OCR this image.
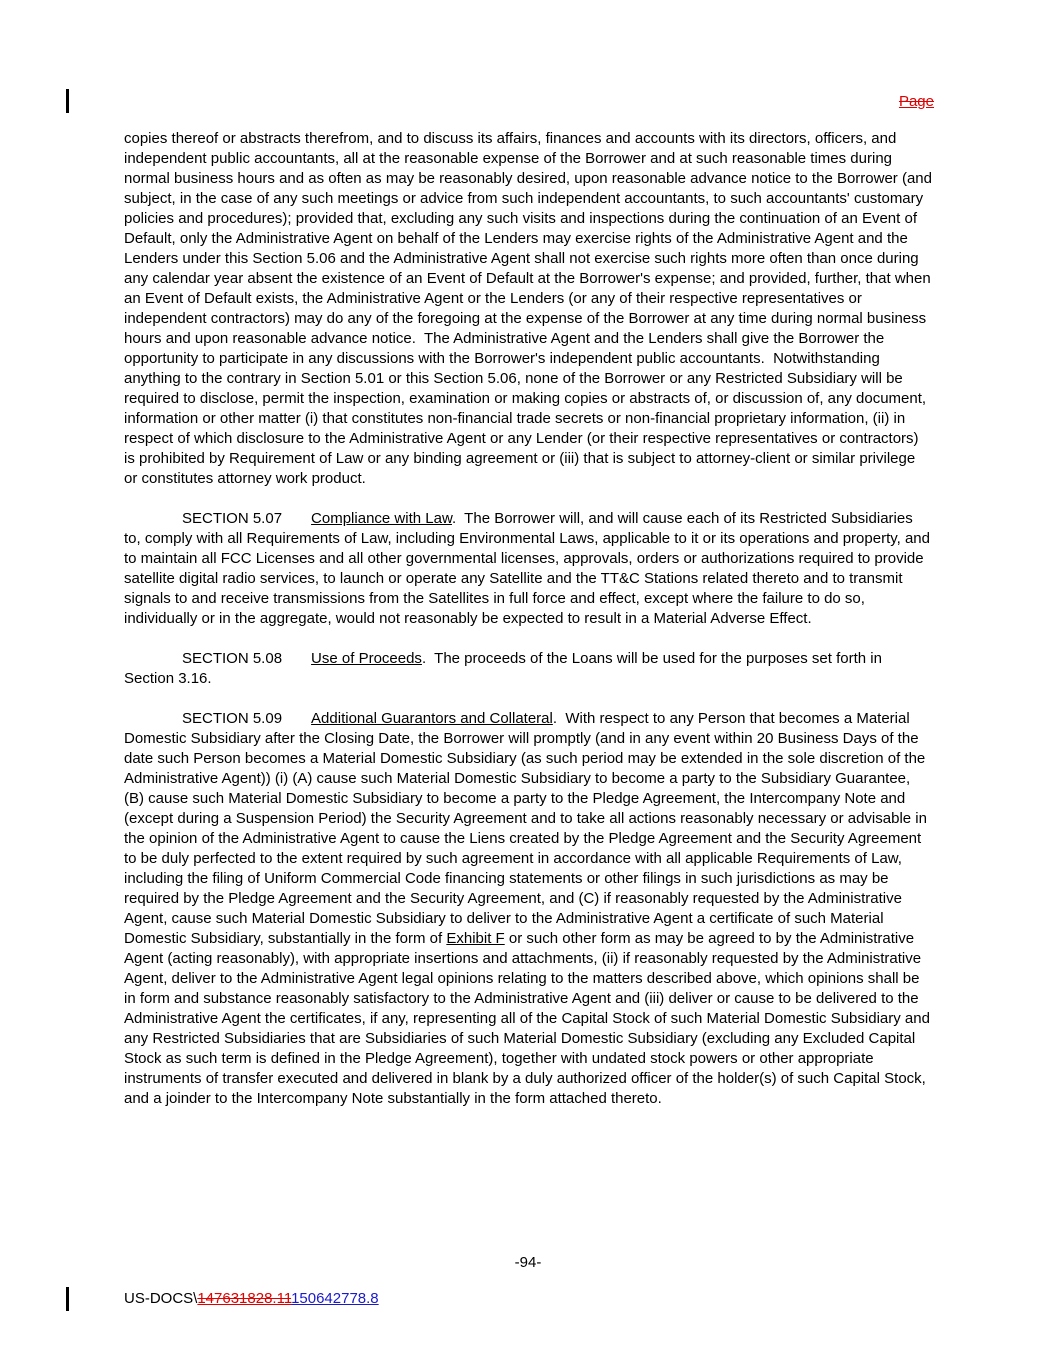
Page

copies thereof or abstracts therefrom, and to discuss its affairs, finances and accounts with its directors, officers, and independent public accountants, all at the reasonable expense of the Borrower and at such reasonable times during normal business hours and as often as may be reasonably desired, upon reasonable advance notice to the Borrower (and subject, in the case of any such meetings or advice from such independent accountants, to such accountants' customary policies and procedures); provided that, excluding any such visits and inspections during the continuation of an Event of Default, only the Administrative Agent on behalf of the Lenders may exercise rights of the Administrative Agent and the Lenders under this Section 5.06 and the Administrative Agent shall not exercise such rights more often than once during any calendar year absent the existence of an Event of Default at the Borrower's expense; and provided, further, that when an Event of Default exists, the Administrative Agent or the Lenders (or any of their respective representatives or independent contractors) may do any of the foregoing at the expense of the Borrower at any time during normal business hours and upon reasonable advance notice.  The Administrative Agent and the Lenders shall give the Borrower the opportunity to participate in any discussions with the Borrower's independent public accountants.  Notwithstanding anything to the contrary in Section 5.01 or this Section 5.06, none of the Borrower or any Restricted Subsidiary will be required to disclose, permit the inspection, examination or making copies or abstracts of, or discussion of, any document, information or other matter (i) that constitutes non-financial trade secrets or non-financial proprietary information, (ii) in respect of which disclosure to the Administrative Agent or any Lender (or their respective representatives or contractors) is prohibited by Requirement of Law or any binding agreement or (iii) that is subject to attorney-client or similar privilege or constitutes attorney work product.

SECTION 5.07 Compliance with Law.  The Borrower will, and will cause each of its Restricted Subsidiaries to, comply with all Requirements of Law, including Environmental Laws, applicable to it or its operations and property, and to maintain all FCC Licenses and all other governmental licenses, approvals, orders or authorizations required to provide satellite digital radio services, to launch or operate any Satellite and the TT&C Stations related thereto and to transmit signals to and receive transmissions from the Satellites in full force and effect, except where the failure to do so, individually or in the aggregate, would not reasonably be expected to result in a Material Adverse Effect.

SECTION 5.08 Use of Proceeds.  The proceeds of the Loans will be used for the purposes set forth in Section 3.16.

SECTION 5.09 Additional Guarantors and Collateral.  With respect to any Person that becomes a Material Domestic Subsidiary after the Closing Date, the Borrower will promptly (and in any event within 20 Business Days of the date such Person becomes a Material Domestic Subsidiary (as such period may be extended in the sole discretion of the Administrative Agent)) (i) (A) cause such Material Domestic Subsidiary to become a party to the Subsidiary Guarantee, (B) cause such Material Domestic Subsidiary to become a party to the Pledge Agreement, the Intercompany Note and (except during a Suspension Period) the Security Agreement and to take all actions reasonably necessary or advisable in the opinion of the Administrative Agent to cause the Liens created by the Pledge Agreement and the Security Agreement to be duly perfected to the extent required by such agreement in accordance with all applicable Requirements of Law, including the filing of Uniform Commercial Code financing statements or other filings in such jurisdictions as may be required by the Pledge Agreement and the Security Agreement, and (C) if reasonably requested by the Administrative Agent, cause such Material Domestic Subsidiary to deliver to the Administrative Agent a certificate of such Material Domestic Subsidiary, substantially in the form of Exhibit F or such other form as may be agreed to by the Administrative Agent (acting reasonably), with appropriate insertions and attachments, (ii) if reasonably requested by the Administrative Agent, deliver to the Administrative Agent legal opinions relating to the matters described above, which opinions shall be in form and substance reasonably satisfactory to the Administrative Agent and (iii) deliver or cause to be delivered to the Administrative Agent the certificates, if any, representing all of the Capital Stock of such Material Domestic Subsidiary and any Restricted Subsidiaries that are Subsidiaries of such Material Domestic Subsidiary (excluding any Excluded Capital Stock as such term is defined in the Pledge Agreement), together with undated stock powers or other appropriate instruments of transfer executed and delivered in blank by a duly authorized officer of the holder(s) of such Capital Stock, and a joinder to the Intercompany Note substantially in the form attached thereto.

-94-
US-DOCS\147631828.11150642778.8
